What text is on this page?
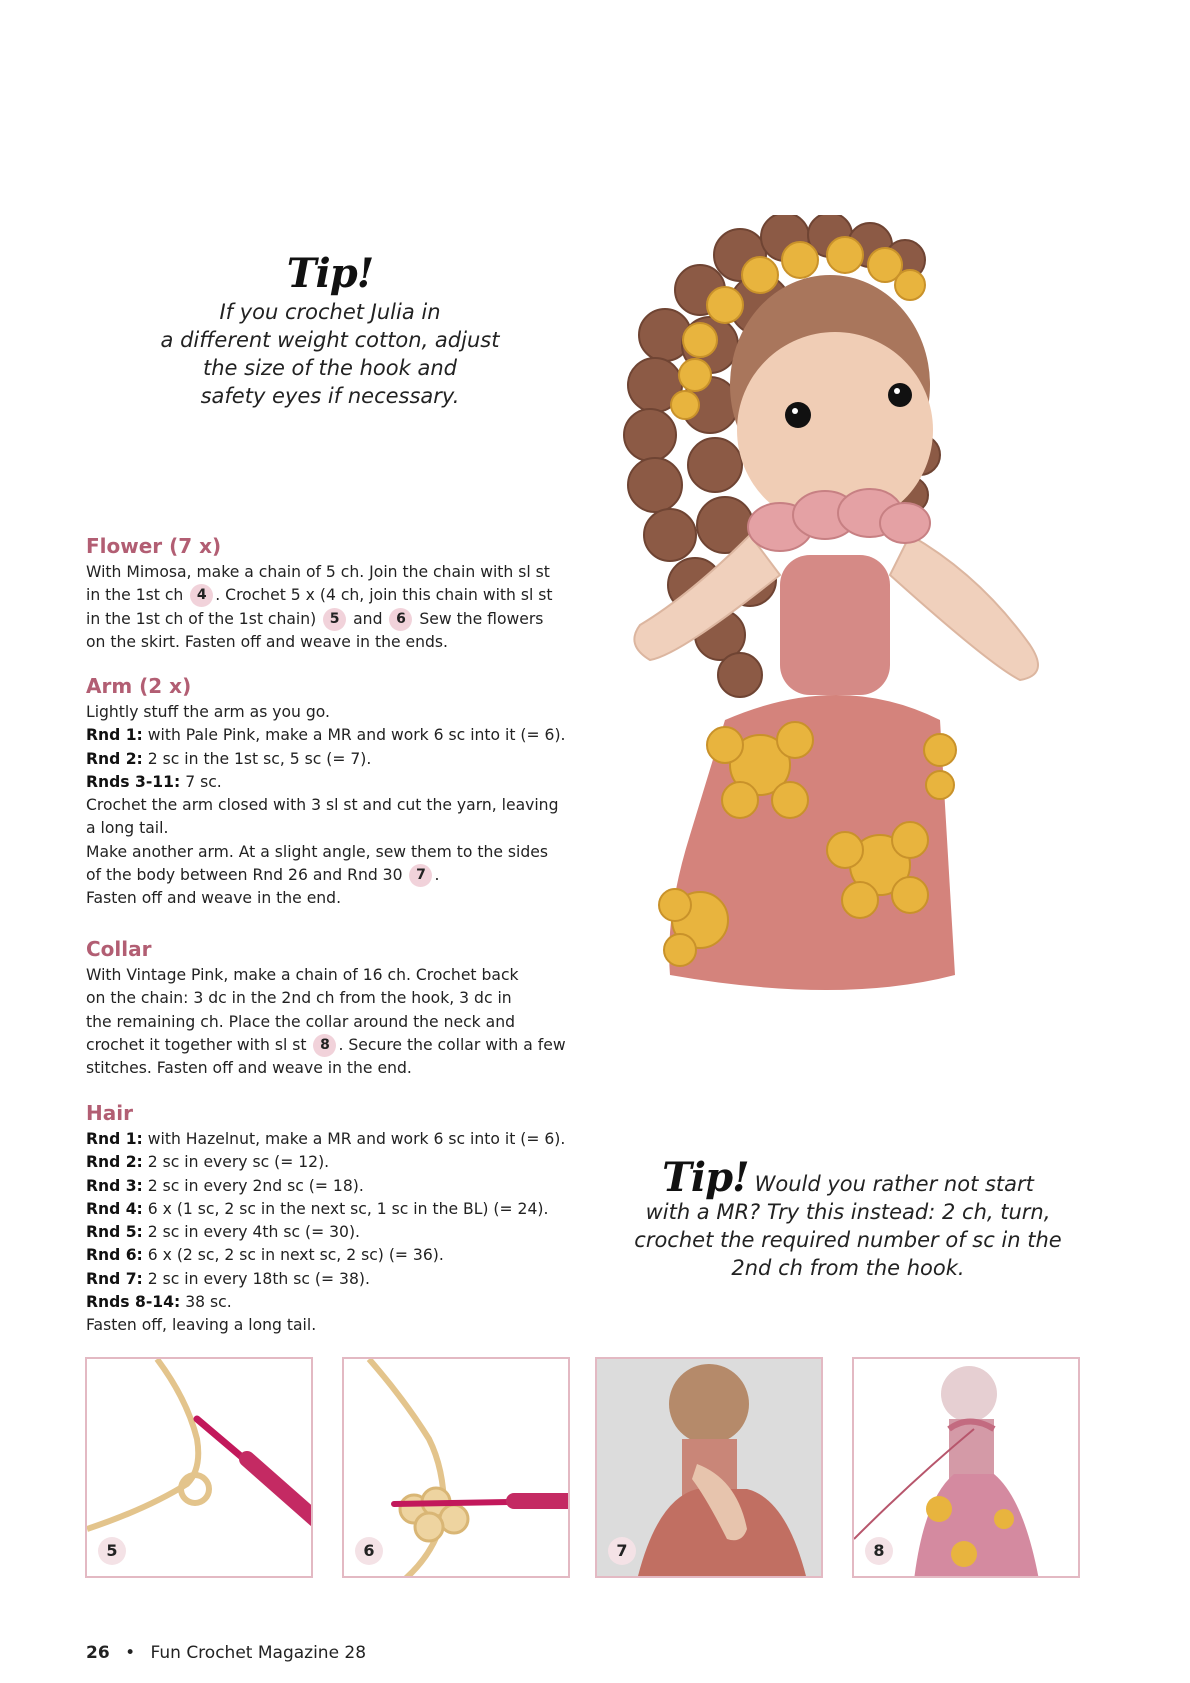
Tip!
If you crochet Julia in
a different weight cotton, adjust
the size of the hook and
safety eyes if necessary.
Flower (7 x)

With Mimosa, make a chain of 5 ch. Join the chain with sl st
in the 1st ch 4 . Crochet 5 x (4 ch, join this chain with sl st
in the 1st ch of the 1st chain) 5 and 6 Sew the flowers
on the skirt. Fasten off and weave in the ends.

Arm (2 x)

Lightly stuff the arm as you go.
Rnd 1: with Pale Pink, make a MR and work 6 sc into it (= 6).
Rnd 2: 2 sc in the 1st sc, 5 sc (= 7).
Rnds 3-11: 7 sc.
Crochet the arm closed with 3 sl st and cut the yarn, leaving
a long tail.
Make another arm. At a slight angle, sew them to the sides
of the body between Rnd 26 and Rnd 30 7 .
Fasten off and weave in the end.

Collar

With Vintage Pink, make a chain of 16 ch. Crochet back
on the chain: 3 dc in the 2nd ch from the hook, 3 dc in
the remaining ch. Place the collar around the neck and
crochet it together with sl st 8 . Secure the collar with a few
stitches. Fasten off and weave in the end.

Hair

Rnd 1: with Hazelnut, make a MR and work 6 sc into it (= 6).
Rnd 2: 2 sc in every sc (= 12).
Rnd 3: 2 sc in every 2nd sc (= 18).
Rnd 4: 6 x (1 sc, 2 sc in the next sc, 1 sc in the BL) (= 24).
Rnd 5: 2 sc in every 4th sc (= 30).
Rnd 6: 6 x (2 sc, 2 sc in next sc, 2 sc) (= 36).
Rnd 7: 2 sc in every 18th sc (= 38).
Rnds 8-14: 38 sc.
Fasten off, leaving a long tail.

Tip! Would you rather not start
with a MR? Try this instead: 2 ch, turn,
crochet the required number of sc in the
2nd ch from the hook.
5	6	7	8
26 • Fun Crochet Magazine 28
